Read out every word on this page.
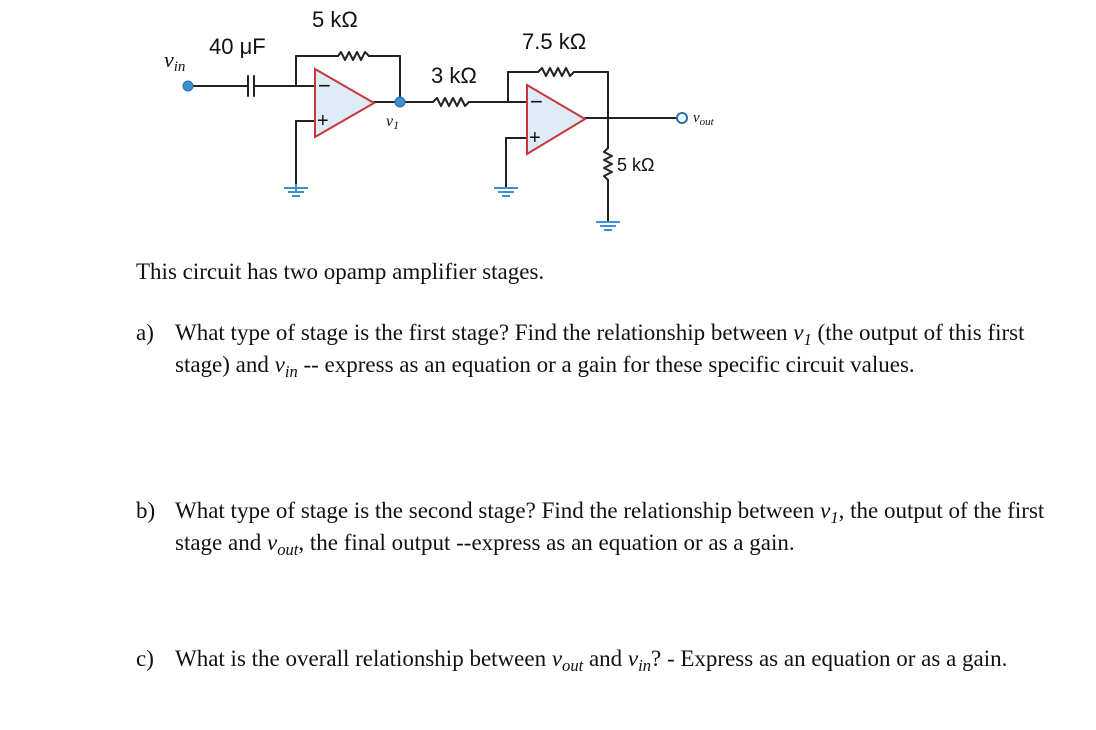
−
+
−
+
5 kΩ
40 μF
3 kΩ
7.5 kΩ
5 kΩ
vin
v1	$v_{out}$

This circuit has two opamp amplifier stages.

a) What type of stage is the first stage? Find the relationship between $v_1$ (the output of this first stage) and $v_{in}$ -- express as an equation or a gain for these specific circuit values.
b) What type of stage is the second stage? Find the relationship between $v_1$, the output of the first stage and $v_{out}$, the final output --express as an equation or as a gain.
c) What is the overall relationship between $v_{out}$ and $v_{in}$? - Express as an equation or as a gain.
